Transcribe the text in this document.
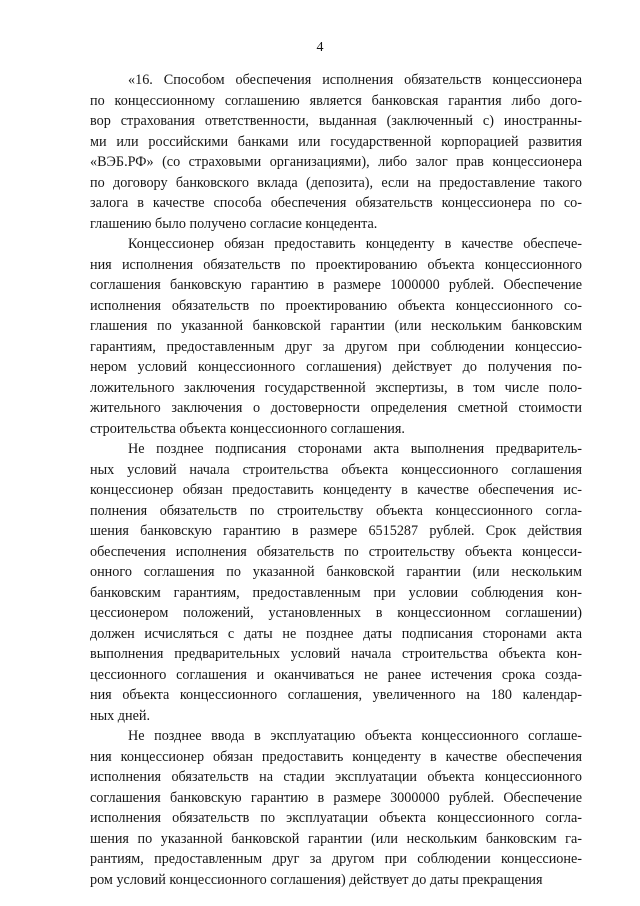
4

«16. Способом обеспечения исполнения обязательств концессионера
по концессионному соглашению является банковская гарантия либо дого-
вор страхования ответственности, выданная (заключенный с) иностранны-
ми или российскими банками или государственной корпорацией развития
«ВЭБ.РФ» (со страховыми организациями), либо залог прав концессионера
по договору банковского вклада (депозита), если на предоставление такого
залога в качестве способа обеспечения обязательств концессионера по со-
глашению было получено согласие концедента.

Концессионер обязан предоставить концеденту в качестве обеспече-
ния исполнения обязательств по проектированию объекта концессионного
соглашения банковскую гарантию в размере 1000000 рублей. Обеспечение
исполнения обязательств по проектированию объекта концессионного со-
глашения по указанной банковской гарантии (или нескольким банковским
гарантиям, предоставленным друг за другом при соблюдении концессио-
нером условий концессионного соглашения) действует до получения по-
ложительного заключения государственной экспертизы, в том числе поло-
жительного заключения о достоверности определения сметной стоимости
строительства объекта концессионного соглашения.

Не позднее подписания сторонами акта выполнения предваритель-
ных условий начала строительства объекта концессионного соглашения
концессионер обязан предоставить концеденту в качестве обеспечения ис-
полнения обязательств по строительству объекта концессионного согла-
шения банковскую гарантию в размере 6515287 рублей. Срок действия
обеспечения исполнения обязательств по строительству объекта концесси-
онного соглашения по указанной банковской гарантии (или нескольким
банковским гарантиям, предоставленным при условии соблюдения кон-
цессионером положений, установленных в концессионном соглашении)
должен исчисляться с даты не позднее даты подписания сторонами акта
выполнения предварительных условий начала строительства объекта кон-
цессионного соглашения и оканчиваться не ранее истечения срока созда-
ния объекта концессионного соглашения, увеличенного на 180 календар-
ных дней.

Не позднее ввода в эксплуатацию объекта концессионного соглаше-
ния концессионер обязан предоставить концеденту в качестве обеспечения
исполнения обязательств на стадии эксплуатации объекта концессионного
соглашения банковскую гарантию в размере 3000000 рублей. Обеспечение
исполнения обязательств по эксплуатации объекта концессионного согла-
шения по указанной банковской гарантии (или нескольким банковским га-
рантиям, предоставленным друг за другом при соблюдении концессионе-
ром условий концессионного соглашения) действует до даты прекращения
